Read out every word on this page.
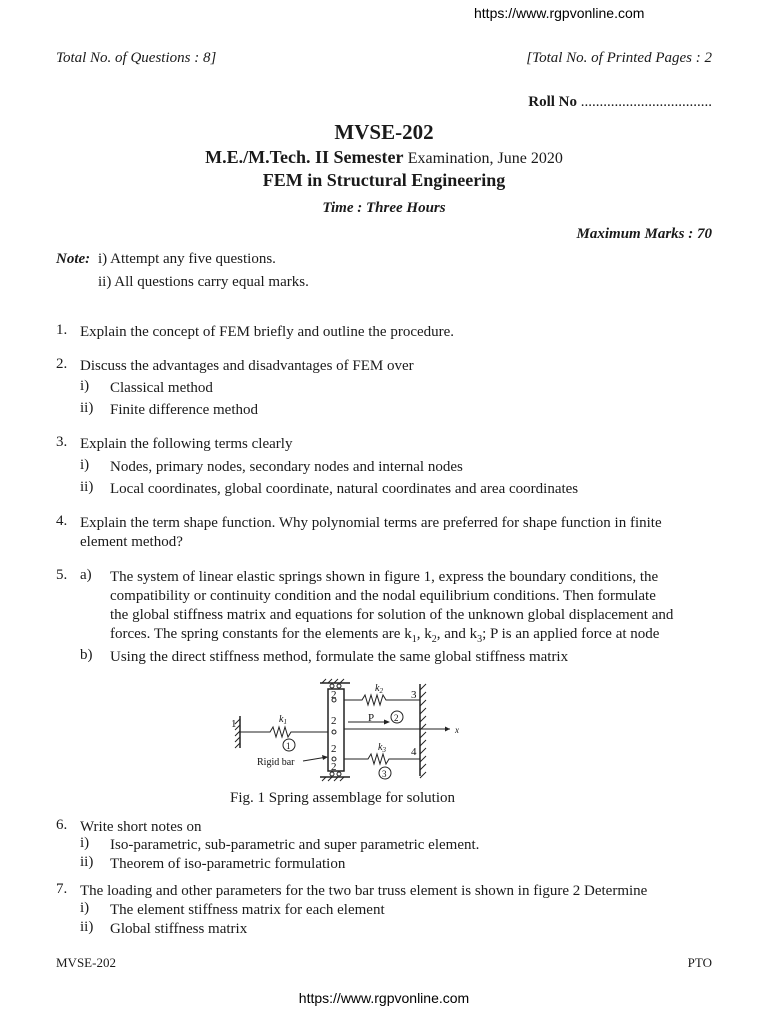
https://www.rgpvonline.com
Total No. of Questions : 8]	[Total No. of Printed Pages : 2
Roll No ...................................
MVSE-202
M.E./M.Tech. II Semester Examination, June 2020
FEM in Structural Engineering
Time : Three Hours
Maximum Marks : 70
Note: i) Attempt any five questions.
ii) All questions carry equal marks.
1. Explain the concept of FEM briefly and outline the procedure.
2. Discuss the advantages and disadvantages of FEM over
i) Classical method
ii) Finite difference method
3. Explain the following terms clearly
i) Nodes, primary nodes, secondary nodes and internal nodes
ii) Local coordinates, global coordinate, natural coordinates and area coordinates
4. Explain the term shape function. Why polynomial terms are preferred for shape function in finite
element method?
5. a) The system of linear elastic springs shown in figure 1, express the boundary conditions, the
compatibility or continuity condition and the nodal equilibrium conditions. Then formulate
the global stiffness matrix and equations for solution of the unknown global displacement and
forces. The spring constants for the elements are $k_1$, $k_2$, and $k_3$; P is an applied force at node
b) Using the direct stiffness method, formulate the same global stiffness matrix
1
2
2
2
2
3
4
$k_1$
$k_2$
$k_3$
1
2
3
P
x
Rigid bar
Fig. 1 Spring assemblage for solution
6. Write short notes on
i) Iso-parametric, sub-parametric and super parametric element.
ii) Theorem of iso-parametric formulation
7. The loading and other parameters for the two bar truss element is shown in figure 2 Determine
i) The element stiffness matrix for each element
ii) Global stiffness matrix
MVSE-202	PTO
https://www.rgpvonline.com
